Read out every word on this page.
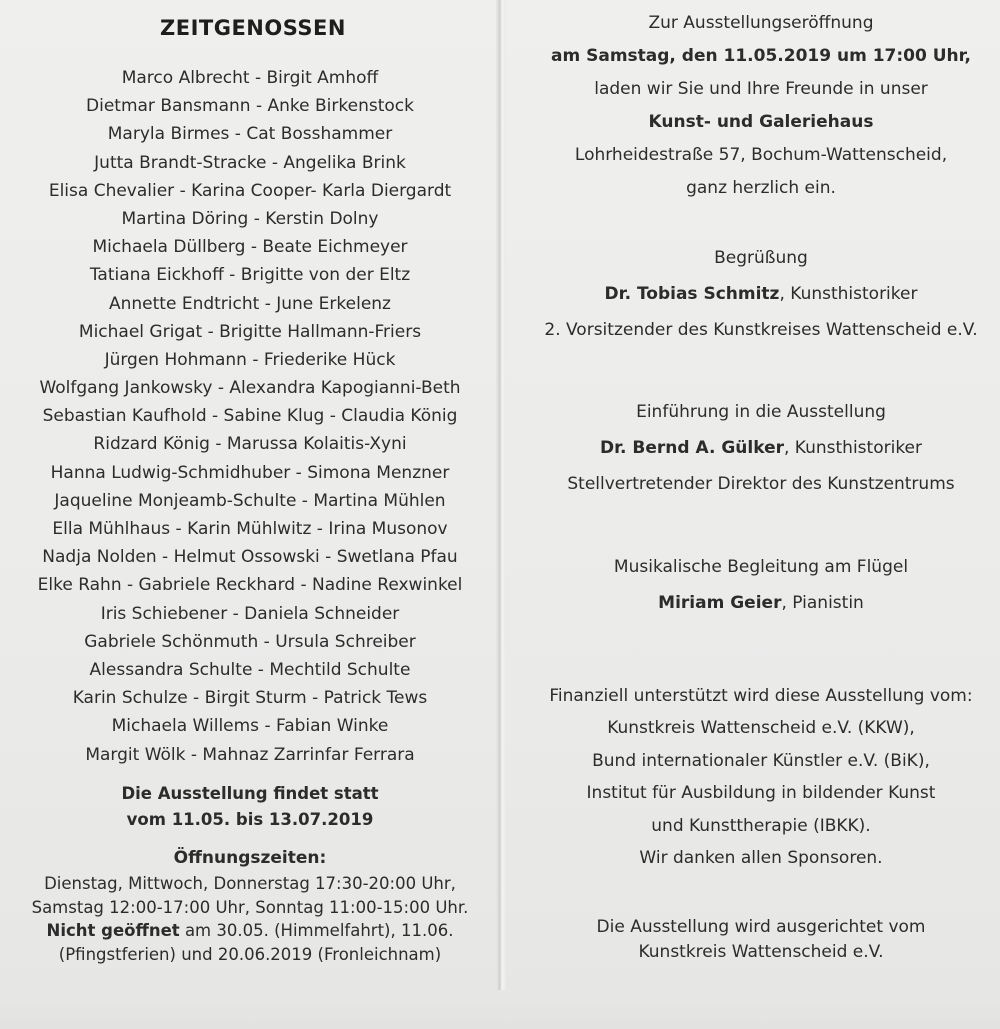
ZEITGENOSSEN
Marco Albrecht - Birgit Amhoff
Dietmar Bansmann - Anke Birkenstock
Maryla Birmes - Cat Bosshammer
Jutta Brandt-Stracke - Angelika Brink
Elisa Chevalier - Karina Cooper- Karla Diergardt
Martina Döring - Kerstin Dolny
Michaela Düllberg - Beate Eichmeyer
Tatiana Eickhoff - Brigitte von der Eltz
Annette Endtricht - June Erkelenz
Michael Grigat - Brigitte Hallmann-Friers
Jürgen Hohmann - Friederike Hück
Wolfgang Jankowsky - Alexandra Kapogianni-Beth
Sebastian Kaufhold - Sabine Klug - Claudia König
Ridzard König - Marussa Kolaitis-Xyni
Hanna Ludwig-Schmidhuber - Simona Menzner
Jaqueline Monjeamb-Schulte - Martina Mühlen
Ella Mühlhaus - Karin Mühlwitz - Irina Musonov
Nadja Nolden - Helmut Ossowski - Swetlana Pfau
Elke Rahn - Gabriele Reckhard - Nadine Rexwinkel
Iris Schiebener - Daniela Schneider
Gabriele Schönmuth - Ursula Schreiber
Alessandra Schulte - Mechtild Schulte
Karin Schulze - Birgit Sturm - Patrick Tews
Michaela Willems - Fabian Winke
Margit Wölk - Mahnaz Zarrinfar Ferrara
Die Ausstellung findet statt
vom 11.05. bis 13.07.2019
Öffnungszeiten:
Dienstag, Mittwoch, Donnerstag 17:30-20:00 Uhr,
Samstag 12:00-17:00 Uhr, Sonntag 11:00-15:00 Uhr.
Nicht geöffnet am 30.05. (Himmelfahrt), 11.06.
(Pfingstferien) und 20.06.2019 (Fronleichnam)
Zur Ausstellungseröffnung
am Samstag, den 11.05.2019 um 17:00 Uhr,
laden wir Sie und Ihre Freunde in unser
Kunst- und Galeriehaus
Lohrheidestraße 57, Bochum-Wattenscheid,
ganz herzlich ein.
Begrüßung
Dr. Tobias Schmitz, Kunsthistoriker
2. Vorsitzender des Kunstkreises Wattenscheid e.V.
Einführung in die Ausstellung
Dr. Bernd A. Gülker, Kunsthistoriker
Stellvertretender Direktor des Kunstzentrums
Musikalische Begleitung am Flügel
Miriam Geier, Pianistin
Finanziell unterstützt wird diese Ausstellung vom:
Kunstkreis Wattenscheid e.V. (KKW),
Bund internationaler Künstler e.V. (BiK),
Institut für Ausbildung in bildender Kunst
und Kunsttherapie (IBKK).
Wir danken allen Sponsoren.
Die Ausstellung wird ausgerichtet vom
Kunstkreis Wattenscheid e.V.
